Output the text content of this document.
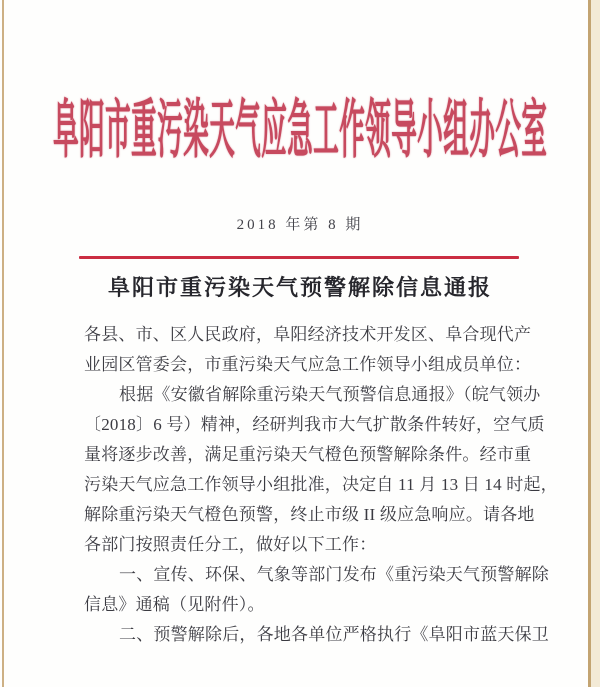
阜阳市重污染天气应急工作领导小组办公室
2018 年第 8 期
阜阳市重污染天气预警解除信息通报
各县、市、区人民政府，阜阳经济技术开发区、阜合现代产
业园区管委会，市重污染天气应急工作领导小组成员单位：
根据《安徽省解除重污染天气预警信息通报》（皖气领办
〔2018〕6 号）精神，经研判我市大气扩散条件转好，空气质
量将逐步改善，满足重污染天气橙色预警解除条件。经市重
污染天气应急工作领导小组批准，决定自 11 月 13 日 14 时起，
解除重污染天气橙色预警，终止市级 II 级应急响应。请各地
各部门按照责任分工，做好以下工作：
一、宣传、环保、气象等部门发布《重污染天气预警解除
信息》通稿（见附件）。
二、预警解除后，各地各单位严格执行《阜阳市蓝天保卫
